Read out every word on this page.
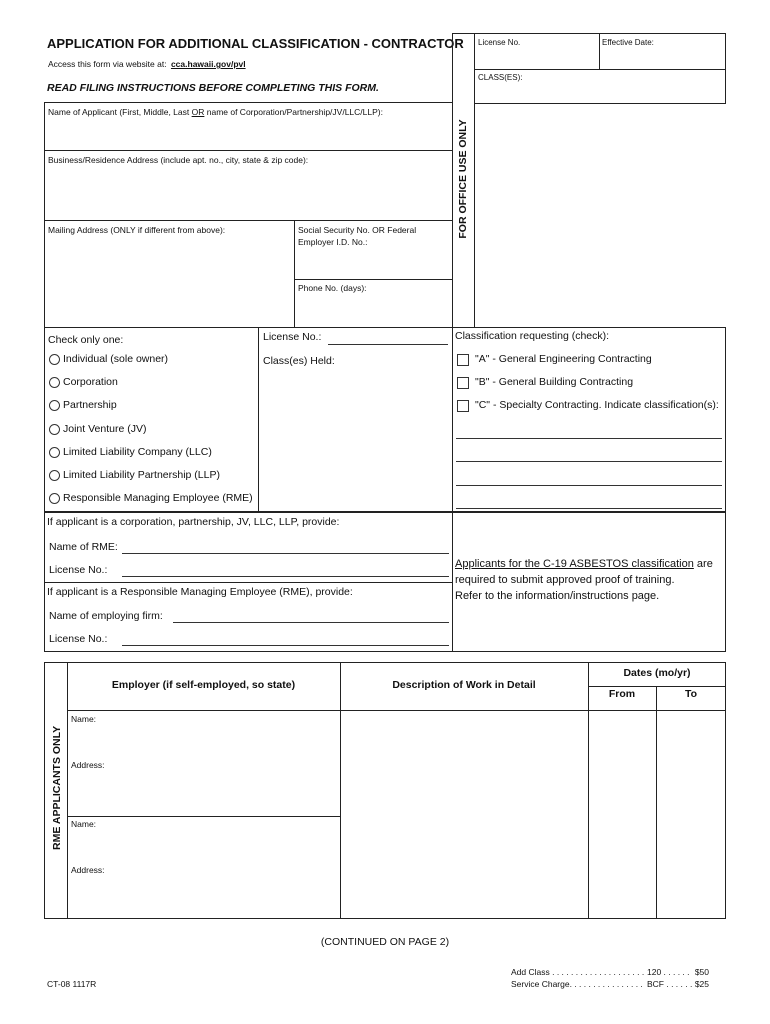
APPLICATION FOR ADDITIONAL CLASSIFICATION - CONTRACTOR
Access this form via website at: cca.hawaii.gov/pvl
READ FILING INSTRUCTIONS BEFORE COMPLETING THIS FORM.
FOR OFFICE USE ONLY
License No.	Effective Date:
CLASS(ES):
Name of Applicant (First, Middle, Last OR name of Corporation/Partnership/JV/LLC/LLP):
Business/Residence Address (include apt. no., city, state & zip code):
Mailing Address (ONLY if different from above):	Social Security No. OR Federal
Employer I.D. No.:
Phone No. (days):
Check only one:
Individual (sole owner)
Corporation
Partnership
Joint Venture (JV)
Limited Liability Company (LLC)
Limited Liability Partnership (LLP)
Responsible Managing Employee (RME)
License No.:
Class(es) Held:
Classification requesting (check):
"A" - General Engineering Contracting
"B" - General Building Contracting
"C" - Specialty Contracting. Indicate classification(s):
If applicant is a corporation, partnership, JV, LLC, LLP, provide:
Name of RME:
License No.:
If applicant is a Responsible Managing Employee (RME), provide:
Name of employing firm:
License No.:
Applicants for the C-19 ASBESTOS classification are
required to submit approved proof of training.
Refer to the information/instructions page.
RME APPLICANTS ONLY
Employer (if self-employed, so state)	Description of Work in Detail
Dates (mo/yr)
From	To
Name:
Address:
Name:
Address:
(CONTINUED ON PAGE 2)
CT-08 1117R
Add Class . . . . . . . . . . . . . . . . . . . . 120 . . . . . . $50
Service Charge. . . . . . . . . . . . . . . . BCF . . . . . . $25
